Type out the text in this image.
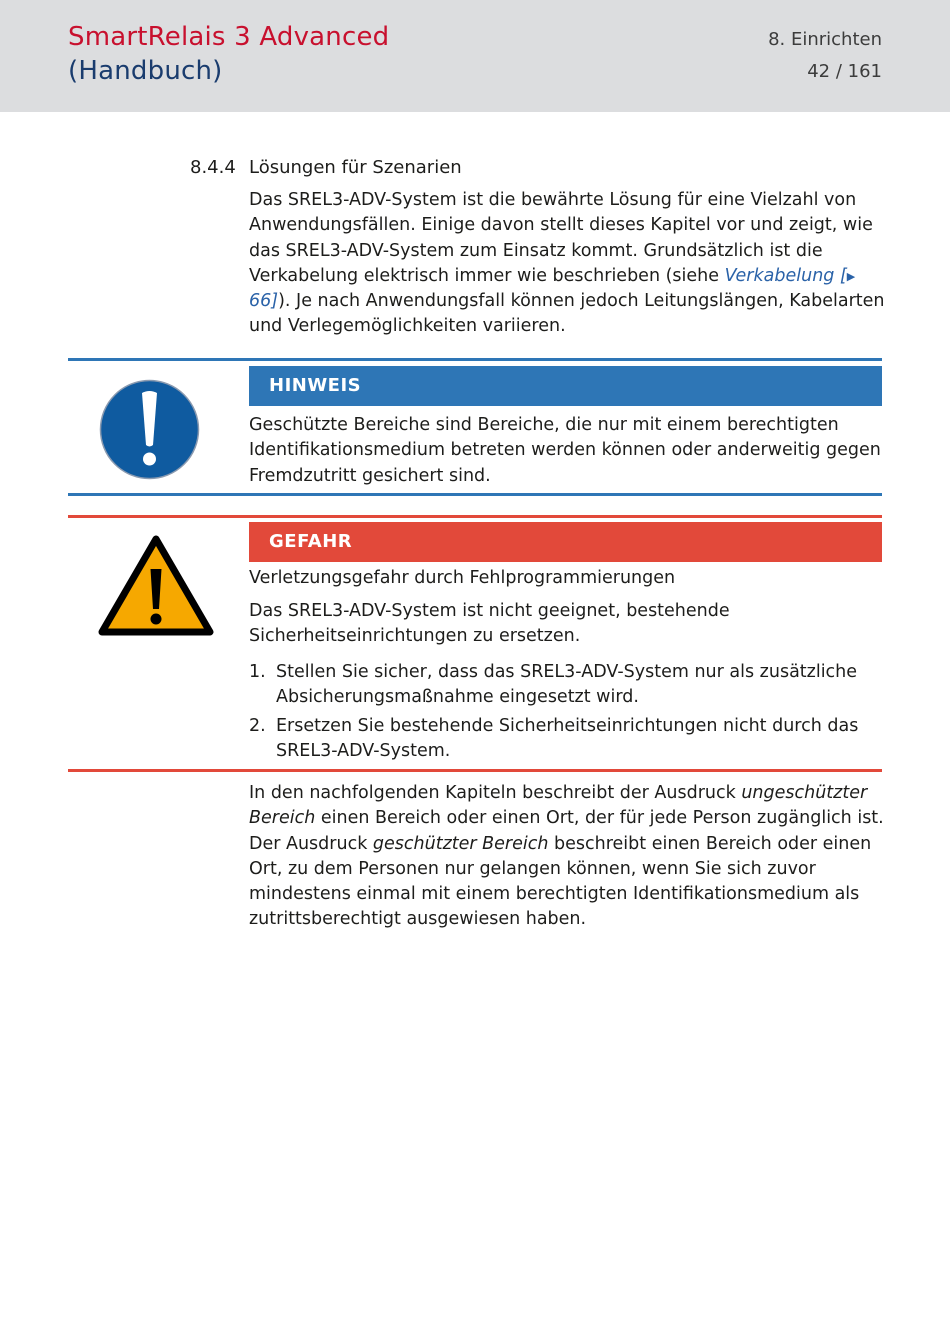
SmartRelais 3 Advanced
(Handbuch)
8. Einrichten
42 / 161
8.4.4 Lösungen für Szenarien
Das SREL3-ADV-System ist die bewährte Lösung für eine Vielzahl von Anwendungsfällen. Einige davon stellt dieses Kapitel vor und zeigt, wie das SREL3-ADV-System zum Einsatz kommt. Grundsätzlich ist die Verkabelung elektrisch immer wie beschrieben (siehe Verkabelung [▶ 66]). Je nach Anwendungsfall können jedoch Leitungslängen, Kabelarten und Verlegemöglichkeiten variieren.
HINWEIS
Geschützte Bereiche sind Bereiche, die nur mit einem berechtigten Identifikationsmedium betreten werden können oder anderweitig gegen Fremdzutritt gesichert sind.
GEFAHR
Verletzungsgefahr durch Fehlprogrammierungen
Das SREL3-ADV-System ist nicht geeignet, bestehende Sicherheitseinrichtungen zu ersetzen.
1. Stellen Sie sicher, dass das SREL3-ADV-System nur als zusätzliche Absicherungsmaßnahme eingesetzt wird.
2. Ersetzen Sie bestehende Sicherheitseinrichtungen nicht durch das SREL3-ADV-System.
In den nachfolgenden Kapiteln beschreibt der Ausdruck ungeschützter Bereich einen Bereich oder einen Ort, der für jede Person zugänglich ist. Der Ausdruck geschützter Bereich beschreibt einen Bereich oder einen Ort, zu dem Personen nur gelangen können, wenn Sie sich zuvor mindestens einmal mit einem berechtigten Identifikationsmedium als zutrittsberechtigt ausgewiesen haben.
